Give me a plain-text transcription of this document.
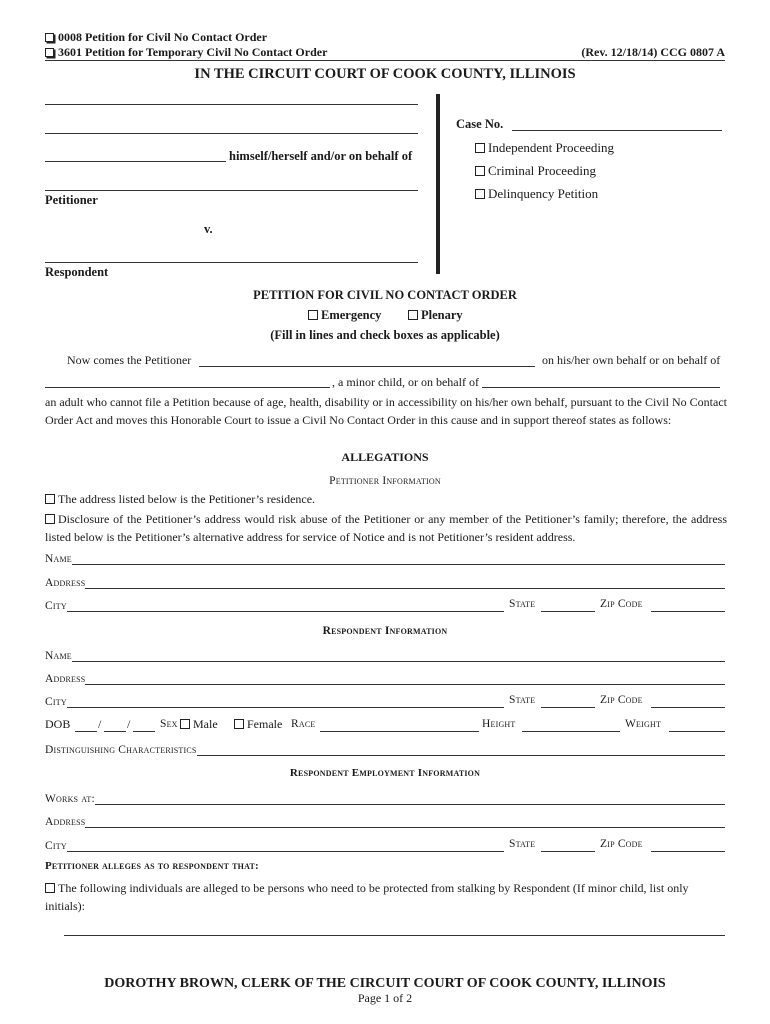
0008 Petition for Civil No Contact Order
3601 Petition for Temporary Civil No Contact Order	(Rev. 12/18/14) CCG 0807 A
IN THE CIRCUIT COURT OF COOK COUNTY, ILLINOIS
himself/herself and/or on behalf of
Petitioner
v.
Respondent
Case No.
Independent Proceeding
Criminal Proceeding
Delinquency Petition
PETITION FOR CIVIL NO CONTACT ORDER
Emergency	Plenary
(Fill in lines and check boxes as applicable)
Now comes the Petitioner	on his/her own behalf or on behalf of
, a minor child, or on behalf of
an adult who cannot file a Petition because of age, health, disability or in accessibility on his/her own behalf, pursuant to the Civil No Contact Order Act and moves this Honorable Court to issue a Civil No Contact Order in this cause and in support thereof states as follows:
ALLEGATIONS
Petitioner Information
The address listed below is the Petitioner’s residence.
Disclosure of the Petitioner’s address would risk abuse of the Petitioner or any member of the Petitioner’s family; therefore, the address listed below is the Petitioner’s alternative address for service of Notice and is not Petitioner’s resident address.
Name
Address
City	State	Zip Code
Respondent Information
Name
Address
City	State	Zip Code
DOB / /	Sex	Male	Female Race	Height	Weight
Distinguishing Characteristics
Respondent Employment Information
Works at:
Address
City	State	Zip Code
Petitioner alleges as to respondent that:
The following individuals are alleged to be persons who need to be protected from stalking by Respondent (If minor child, list only initials):
DOROTHY BROWN, CLERK OF THE CIRCUIT COURT OF COOK COUNTY, ILLINOIS
Page 1 of 2
